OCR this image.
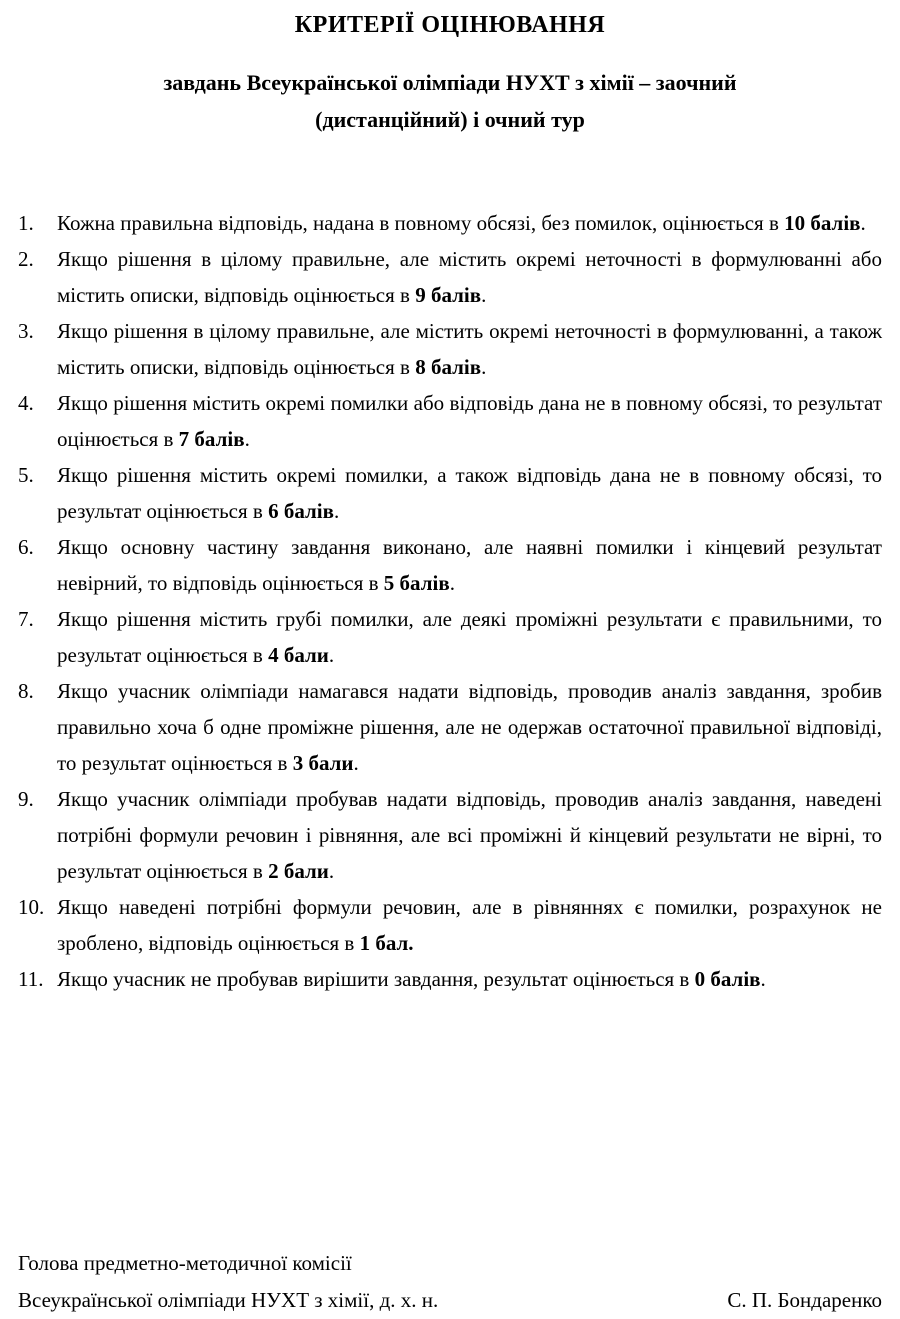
КРИТЕРІЇ ОЦІНЮВАННЯ
завдань Всеукраїнської олімпіади НУХТ з хімії – заочний
(дистанційний) і очний тур
1. Кожна правильна відповідь, надана в повному обсязі, без помилок, оцінюється в 10 балів.
2. Якщо рішення в цілому правильне, але містить окремі неточності в формулюванні або містить описки, відповідь оцінюється в 9 балів.
3. Якщо рішення в цілому правильне, але містить окремі неточності в формулюванні, а також містить описки, відповідь оцінюється в 8 балів.
4. Якщо рішення містить окремі помилки або відповідь дана не в повному обсязі, то результат оцінюється в 7 балів.
5. Якщо рішення містить окремі помилки, а також відповідь дана не в повному обсязі, то результат оцінюється в 6 балів.
6. Якщо основну частину завдання виконано, але наявні помилки і кінцевий результат невірний, то відповідь оцінюється в 5 балів.
7. Якщо рішення містить грубі помилки, але деякі проміжні результати є правильними, то результат оцінюється в 4 бали.
8. Якщо учасник олімпіади намагався надати відповідь, проводив аналіз завдання, зробив правильно хоча б одне проміжне рішення, але не одержав остаточної правильної відповіді, то результат оцінюється в 3 бали.
9. Якщо учасник олімпіади пробував надати відповідь, проводив аналіз завдання, наведені потрібні формули речовин і рівняння, але всі проміжні й кінцевий результати не вірні, то результат оцінюється в 2 бали.
10. Якщо наведені потрібні формули речовин, але в рівняннях є помилки, розрахунок не зроблено, відповідь оцінюється в 1 бал.
11. Якщо учасник не пробував вирішити завдання, результат оцінюється в 0 балів.
Голова предметно-методичної комісії
Всеукраїнської олімпіади НУХТ з хімії, д. х. н.	С. П. Бондаренко
